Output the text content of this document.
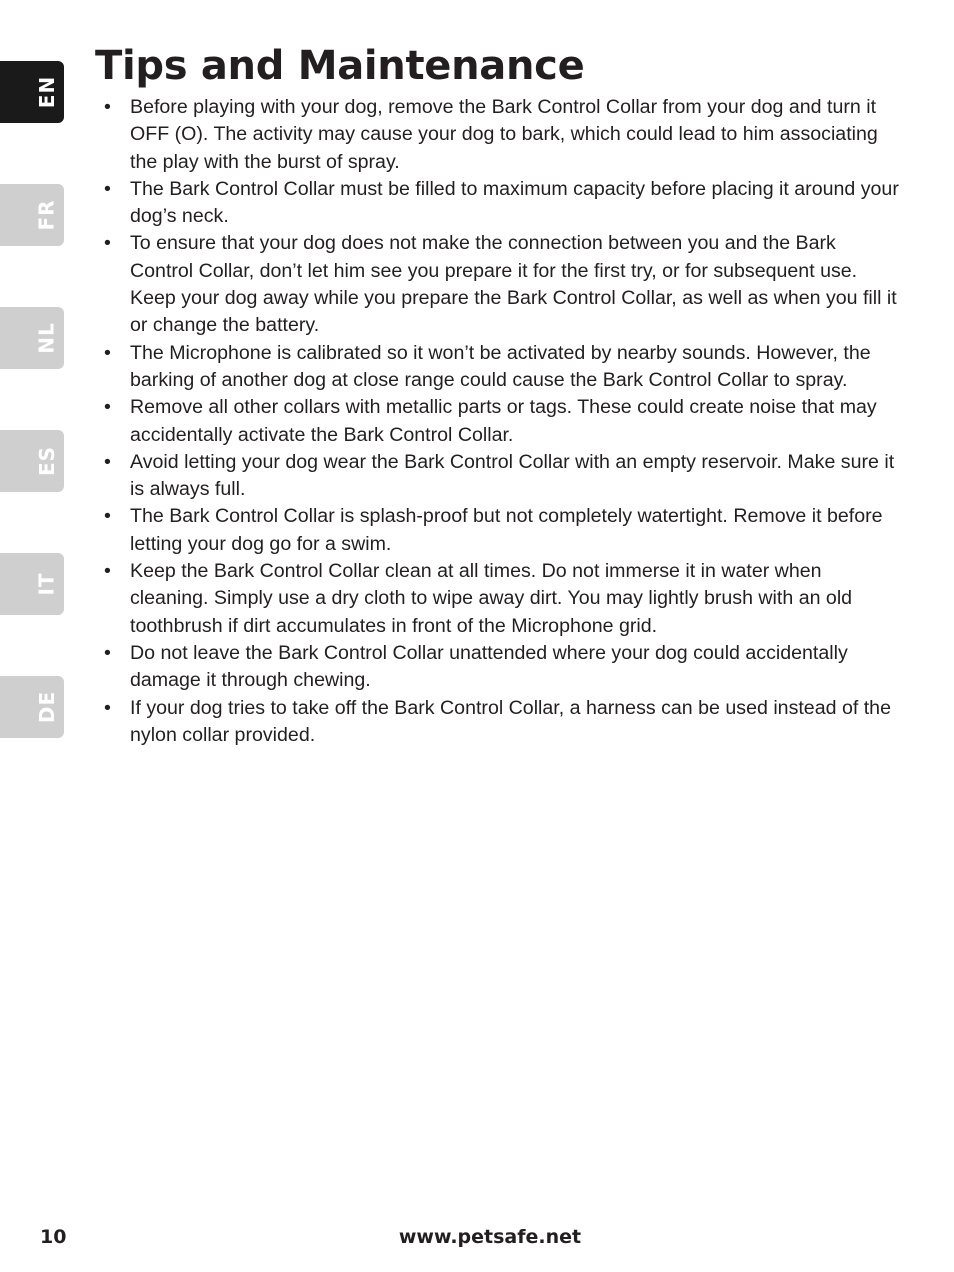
Tips and Maintenance
EN
FR
NL
ES
IT
DE
• Before playing with your dog, remove the Bark Control Collar from your dog and turn it OFF (O). The activity may cause your dog to bark, which could lead to him associating the play with the burst of spray.
• The Bark Control Collar must be filled to maximum capacity before placing it around your dog’s neck.
• To ensure that your dog does not make the connection between you and the Bark Control Collar, don’t let him see you prepare it for the first try, or for subsequent use. Keep your dog away while you prepare the Bark Control Collar, as well as when you fill it or change the battery.
• The Microphone is calibrated so it won’t be activated by nearby sounds. However, the barking of another dog at close range could cause the Bark Control Collar to spray.
• Remove all other collars with metallic parts or tags. These could create noise that may accidentally activate the Bark Control Collar.
• Avoid letting your dog wear the Bark Control Collar with an empty reservoir. Make sure it is always full.
• The Bark Control Collar is splash-proof but not completely watertight. Remove it before letting your dog go for a swim.
• Keep the Bark Control Collar clean at all times. Do not immerse it in water when cleaning. Simply use a dry cloth to wipe away dirt. You may lightly brush with an old toothbrush if dirt accumulates in front of the Microphone grid.
• Do not leave the Bark Control Collar unattended where your dog could accidentally damage it through chewing.
• If your dog tries to take off the Bark Control Collar, a harness can be used instead of the nylon collar provided.
www.petsafe.net
10
